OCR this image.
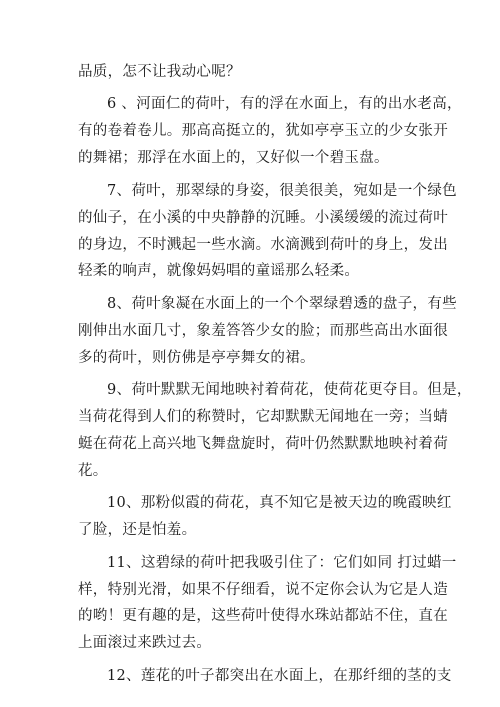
品质，怎不让我动心呢？
6 、河面仁的荷叶，有的浮在水面上，有的出水老高，
有的卷着卷儿。那高高挺立的，犹如亭亭玉立的少女张开
的舞裙；那浮在水面上的，又好似一个碧玉盘。
7、荷叶，那翠绿的身姿，很美很美，宛如是一个绿色
的仙子，在小溪的中央静静的沉睡。小溪缓缓的流过荷叶
的身边，不时溅起一些水滴。水滴溅到荷叶的身上，发出
轻柔的响声，就像妈妈唱的童谣那么轻柔。
8、荷叶象凝在水面上的一个个翠绿碧透的盘子，有些
刚伸出水面几寸，象羞答答少女的脸；而那些高出水面很
多的荷叶，则仿佛是亭亭舞女的裙。
9、荷叶默默无闻地映衬着荷花，使荷花更夺目。但是，
当荷花得到人们的称赞时，它却默默无闻地在一旁；当蜻
蜓在荷花上高兴地飞舞盘旋时，荷叶仍然默默地映衬着荷
花。
10、那粉似霞的荷花，真不知它是被天边的晚霞映红
了脸，还是怕羞。
11、这碧绿的荷叶把我吸引住了：它们如同 打过蜡一
样，特别光滑，如果不仔细看，说不定你会认为它是人造
的哟！更有趣的是，这些荷叶使得水珠站都站不住，直在
上面滚过来跌过去。
12、莲花的叶子都突出在水面上，在那纤细的茎的支
